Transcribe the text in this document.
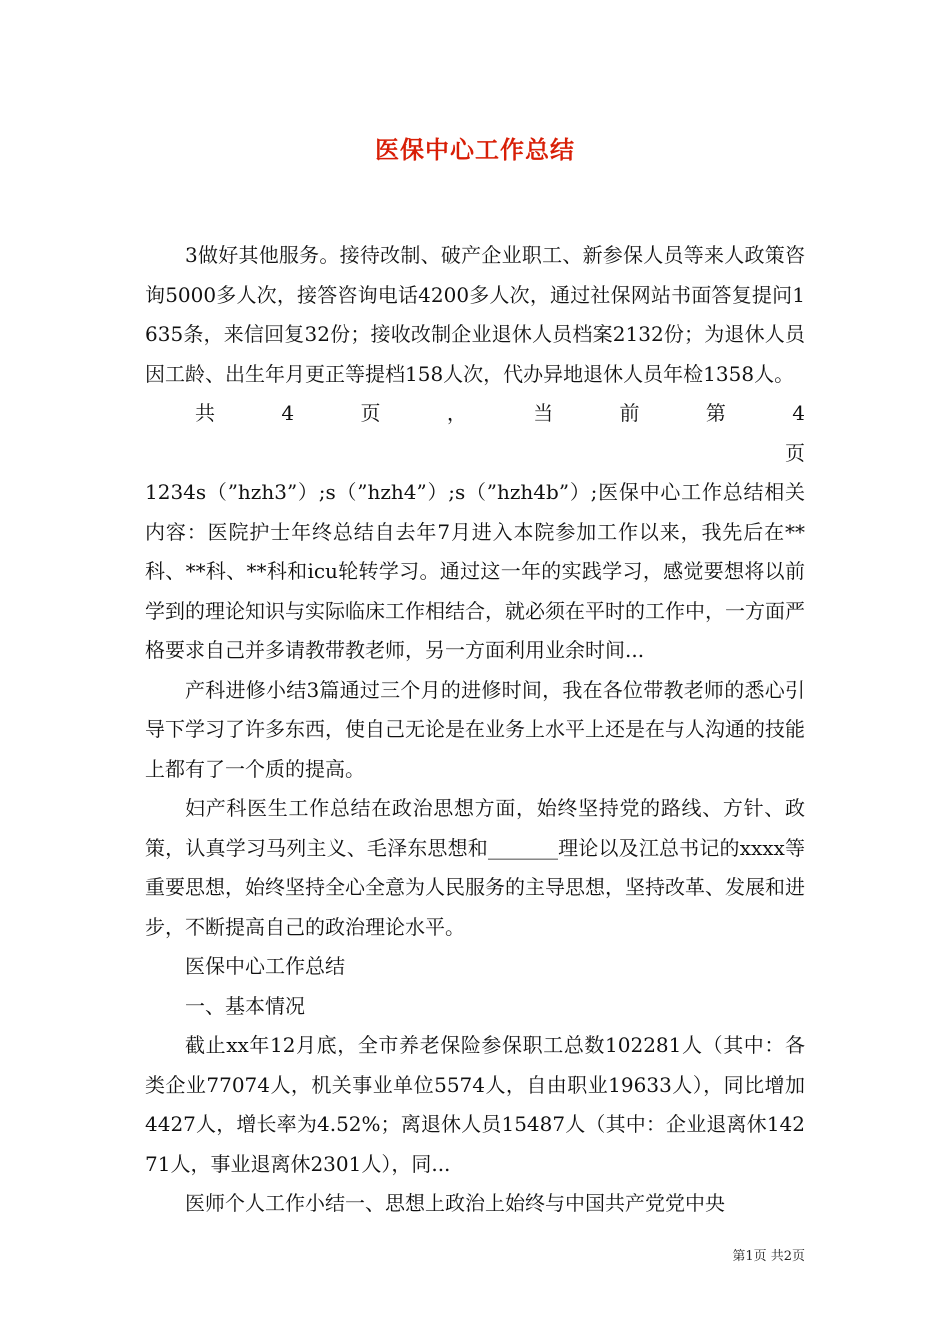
医保中心工作总结

3做好其他服务。接待改制、破产企业职工、新参保人员等来人政策咨询5000多人次，接答咨询电话4200多人次，通过社保网站书面答复提问1635条，来信回复32份；接收改制企业退休人员档案2132份；为退休人员因工龄、出生年月更正等提档158人次，代办异地退休人员年检1358人。

共 4 页 ， 当 前 第 4 页

1234s（”hzh3”）;s（”hzh4”）;s（”hzh4b”）;医保中心工作总结相关内容：医院护士年终总结自去年7月进入本院参加工作以来，我先后在**科、**科、**科和icu轮转学习。通过这一年的实践学习，感觉要想将以前学到的理论知识与实际临床工作相结合，就必须在平时的工作中，一方面严格要求自己并多请教带教老师，另一方面利用业余时间...

产科进修小结3篇通过三个月的进修时间，我在各位带教老师的悉心引导下学习了许多东西，使自己无论是在业务上水平上还是在与人沟通的技能上都有了一个质的提高。

妇产科医生工作总结在政治思想方面，始终坚持党的路线、方针、政策，认真学习马列主义、毛泽东思想和_______理论以及江总书记的xxxx等重要思想，始终坚持全心全意为人民服务的主导思想，坚持改革、发展和进步，不断提高自己的政治理论水平。

医保中心工作总结

一、基本情况

截止xx年12月底，全市养老保险参保职工总数102281人（其中：各类企业77074人，机关事业单位5574人，自由职业19633人），同比增加4427人，增长率为4.52%；离退休人员15487人（其中：企业退离休14271人，事业退离休2301人），同...

医师个人工作小结一、思想上政治上始终与中国共产党党中央

第1页 共2页
